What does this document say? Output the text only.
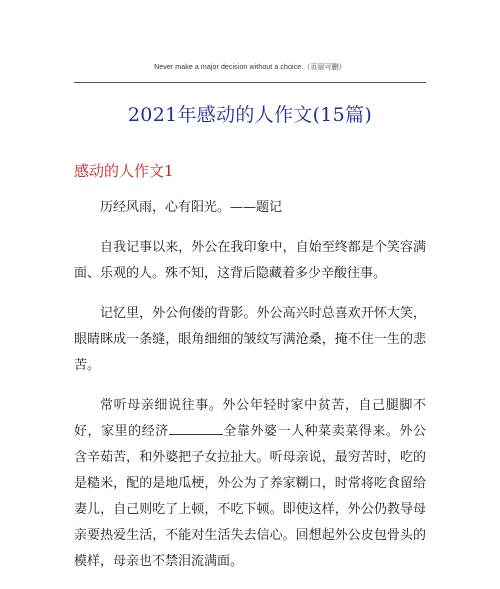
Never make a major decision without a choice.（页眉可删）
2021年感动的人作文(15篇)
感动的人作文1

历经风雨，心有阳光。——题记

自我记事以来，外公在我印象中，自始至终都是个笑容满面、乐观的人。殊不知，这背后隐藏着多少辛酸往事。

记忆里，外公佝偻的背影。外公高兴时总喜欢开怀大笑，眼睛眯成一条缝，眼角细细的皱纹写满沧桑，掩不住一生的悲苦。

常听母亲细说往事。外公年轻时家中贫苦，自己腿脚不好，家里的经济	全靠外婆一人种菜卖菜得来。外公含辛茹苦，和外婆把子女拉扯大。听母亲说，最穷苦时，吃的是糙米，配的是地瓜梗，外公为了养家糊口，时常将吃食留给妻儿，自己则吃了上顿，不吃下顿。即使这样，外公仍教导母亲要热爱生活，不能对生活失去信心。回想起外公皮包骨头的模样，母亲也不禁泪流满面。
